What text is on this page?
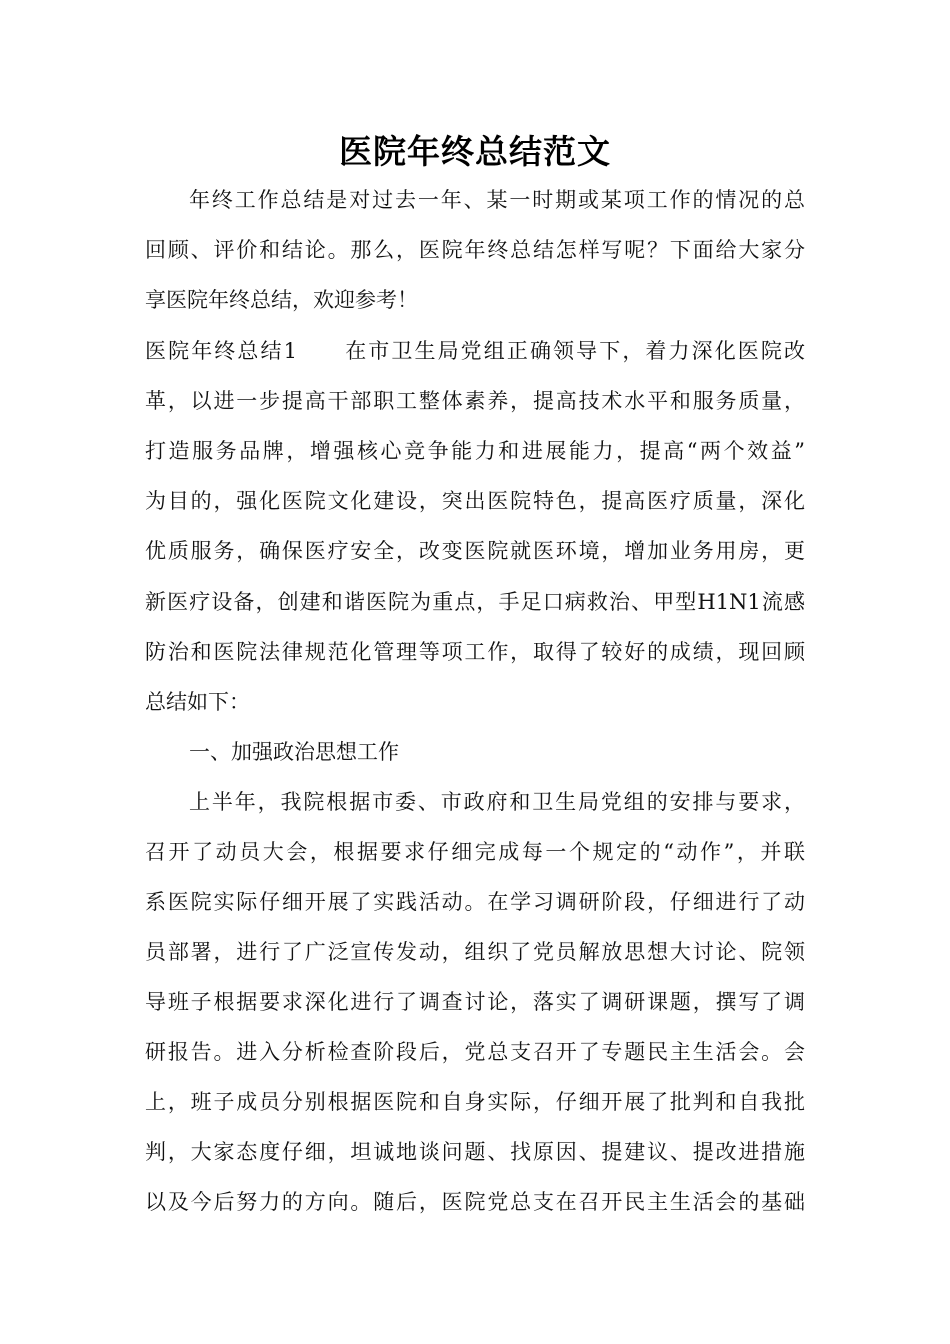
医院年终总结范文
年终工作总结是对过去一年、某一时期或某项工作的情况的总
回顾、评价和结论。那么，医院年终总结怎样写呢？下面给大家分
享医院年终总结，欢迎参考！
医院年终总结1　　在市卫生局党组正确领导下，着力深化医院改
革，以进一步提高干部职工整体素养，提高技术水平和服务质量，
打造服务品牌，增强核心竞争能力和进展能力，提高“两个效益”
为目的，强化医院文化建设，突出医院特色，提高医疗质量，深化
优质服务，确保医疗安全，改变医院就医环境，增加业务用房，更
新医疗设备，创建和谐医院为重点，手足口病救治、甲型H1N1流感
防治和医院法律规范化管理等项工作，取得了较好的成绩，现回顾
总结如下：
一、加强政治思想工作
上半年，我院根据市委、市政府和卫生局党组的安排与要求，
召开了动员大会，根据要求仔细完成每一个规定的“动作”，并联
系医院实际仔细开展了实践活动。在学习调研阶段，仔细进行了动
员部署，进行了广泛宣传发动，组织了党员解放思想大讨论、院领
导班子根据要求深化进行了调查讨论，落实了调研课题，撰写了调
研报告。进入分析检查阶段后，党总支召开了专题民主生活会。会
上，班子成员分别根据医院和自身实际，仔细开展了批判和自我批
判，大家态度仔细，坦诚地谈问题、找原因、提建议、提改进措施
以及今后努力的方向。随后，医院党总支在召开民主生活会的基础
